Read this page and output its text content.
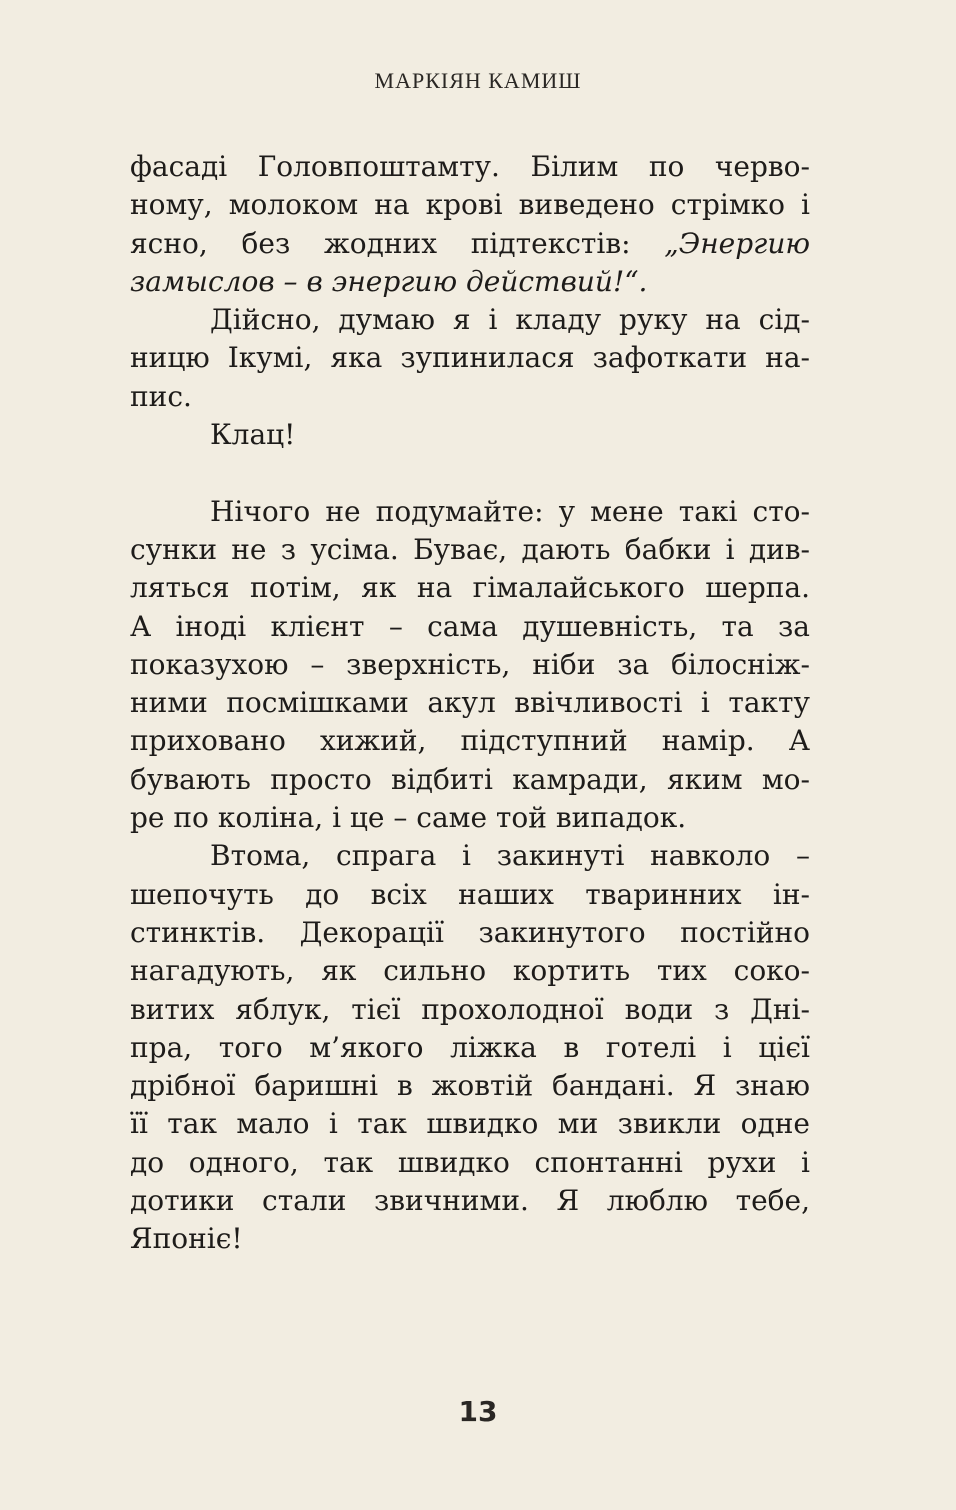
МАРКІЯН КАМИШ
фасаді Головпоштамту. Білим по черво-
ному, молоком на крові виведено стрімко і
ясно, без жодних підтекстів: „Энергию
замыслов – в энергию действий!“.
Дійсно, думаю я і кладу руку на сід-
ницю Ікумі, яка зупинилася зафоткати на-
пис.
Клац!
Нічого не подумайте: у мене такі сто-
сунки не з усіма. Буває, дають бабки і див-
ляться потім, як на гімалайського шерпа.
А іноді клієнт – сама душевність, та за
показухою – зверхність, ніби за білосніж-
ними посмішками акул ввічливості і такту
приховано хижий, підступний намір. А
бувають просто відбиті камради, яким мо-
ре по коліна, і це – саме той випадок.
Втома, спрага і закинуті навколо –
шепочуть до всіх наших тваринних ін-
стинктів. Декорації закинутого постійно
нагадують, як сильно кортить тих соко-
витих яблук, тієї прохолодної води з Дні-
пра, того м’якого ліжка в готелі і цієї
дрібної баришні в жовтій бандані. Я знаю
її так мало і так швидко ми звикли одне
до одного, так швидко спонтанні рухи і
дотики стали звичними. Я люблю тебе,
Японіє!
13
